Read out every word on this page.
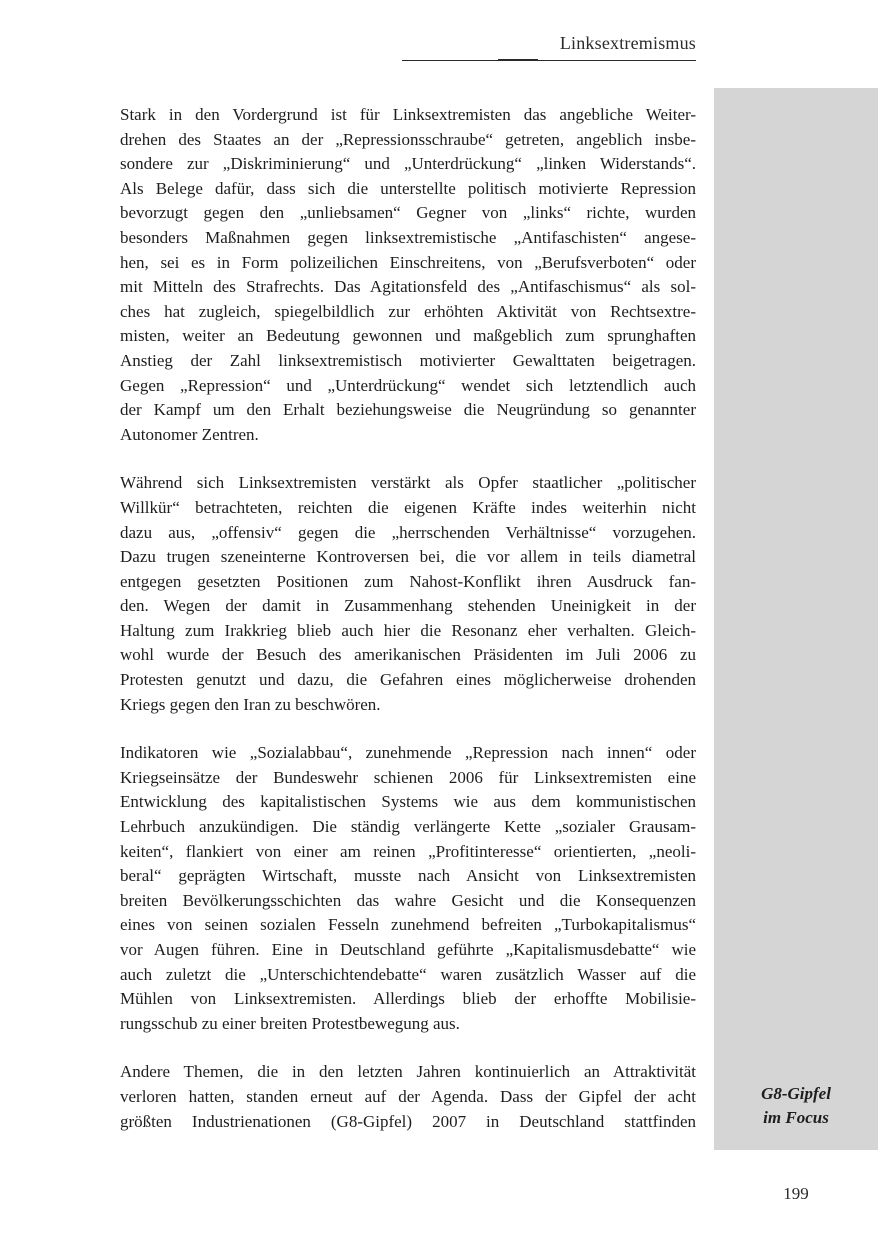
Linksextremismus

Stark in den Vordergrund ist für Linksextremisten das angebliche Weiter-
drehen des Staates an der „Repressionsschraube“ getreten, angeblich insbe-
sondere zur „Diskriminierung“ und „Unterdrückung“ „linken Widerstands“.
Als Belege dafür, dass sich die unterstellte politisch motivierte Repression
bevorzugt gegen den „unliebsamen“ Gegner von „links“ richte, wurden
besonders Maßnahmen gegen linksextremistische „Antifaschisten“ angese-
hen, sei es in Form polizeilichen Einschreitens, von „Berufsverboten“ oder
mit Mitteln des Strafrechts. Das Agitationsfeld des „Antifaschismus“ als sol-
ches hat zugleich, spiegelbildlich zur erhöhten Aktivität von Rechtsextre-
misten, weiter an Bedeutung gewonnen und maßgeblich zum sprunghaften
Anstieg der Zahl linksextremistisch motivierter Gewalttaten beigetragen.
Gegen „Repression“ und „Unterdrückung“ wendet sich letztendlich auch
der Kampf um den Erhalt beziehungsweise die Neugründung so genannter
Autonomer Zentren.

Während sich Linksextremisten verstärkt als Opfer staatlicher „politischer
Willkür“ betrachteten, reichten die eigenen Kräfte indes weiterhin nicht
dazu aus, „offensiv“ gegen die „herrschenden Verhältnisse“ vorzugehen.
Dazu trugen szeneinterne Kontroversen bei, die vor allem in teils diametral
entgegen gesetzten Positionen zum Nahost-Konflikt ihren Ausdruck fan-
den. Wegen der damit in Zusammenhang stehenden Uneinigkeit in der
Haltung zum Irakkrieg blieb auch hier die Resonanz eher verhalten. Gleich-
wohl wurde der Besuch des amerikanischen Präsidenten im Juli 2006 zu
Protesten genutzt und dazu, die Gefahren eines möglicherweise drohenden
Kriegs gegen den Iran zu beschwören.

Indikatoren wie „Sozialabbau“, zunehmende „Repression nach innen“ oder
Kriegseinsätze der Bundeswehr schienen 2006 für Linksextremisten eine
Entwicklung des kapitalistischen Systems wie aus dem kommunistischen
Lehrbuch anzukündigen. Die ständig verlängerte Kette „sozialer Grausam-
keiten“, flankiert von einer am reinen „Profitinteresse“ orientierten, „neoli-
beral“ geprägten Wirtschaft, musste nach Ansicht von Linksextremisten
breiten Bevölkerungsschichten das wahre Gesicht und die Konsequenzen
eines von seinen sozialen Fesseln zunehmend befreiten „Turbokapitalismus“
vor Augen führen. Eine in Deutschland geführte „Kapitalismusdebatte“ wie
auch zuletzt die „Unterschichtendebatte“ waren zusätzlich Wasser auf die
Mühlen von Linksextremisten. Allerdings blieb der erhoffte Mobilisie-
rungsschub zu einer breiten Protestbewegung aus.

Andere Themen, die in den letzten Jahren kontinuierlich an Attraktivität
verloren hatten, standen erneut auf der Agenda. Dass der Gipfel der acht
größten Industrienationen (G8-Gipfel) 2007 in Deutschland stattfinden

G8-Gipfel
im Focus
199
